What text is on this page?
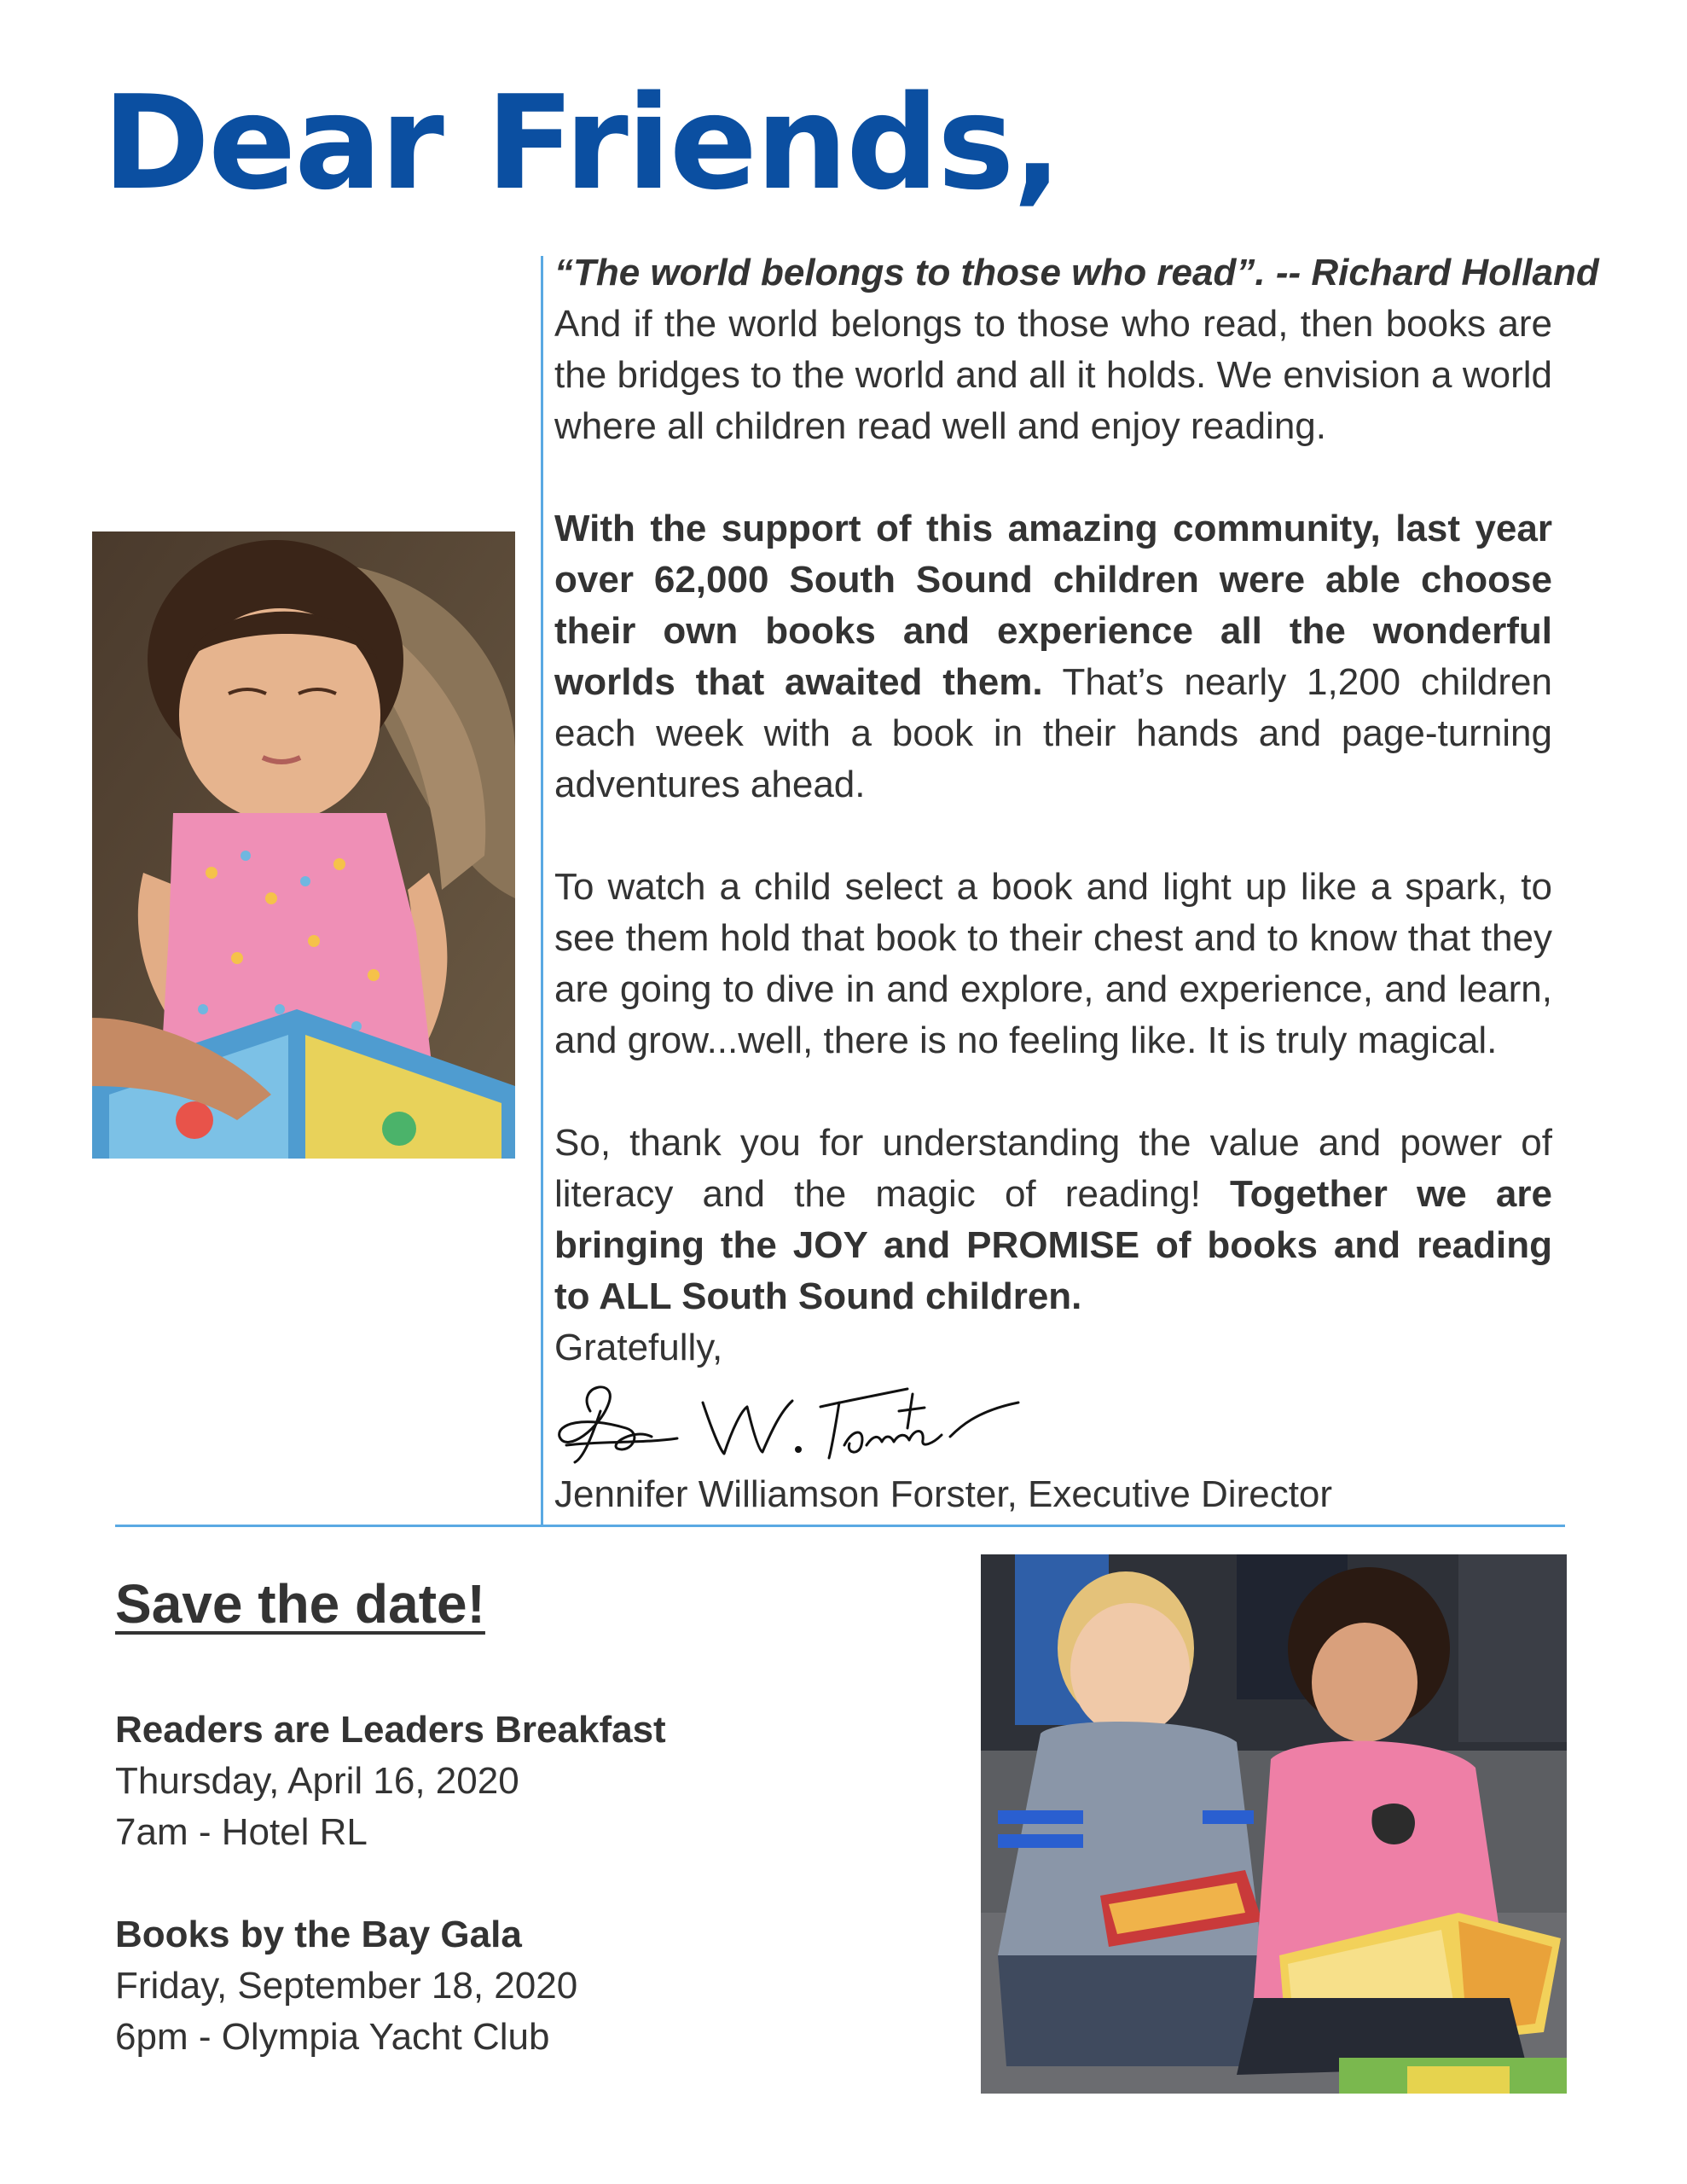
Dear Friends,

“The world belongs to those who read”. -- Richard Holland
And if the world belongs to those who read, then books are the bridges to the world and all it holds. We envision a world where all children read well and enjoy reading.

With the support of this amazing community, last year over 62,000 South Sound children were able choose their own books and experience all the wonderful worlds that awaited them. That’s nearly 1,200 children each week with a book in their hands and page-turning adventures ahead.

To watch a child select a book and light up like a spark, to see them hold that book to their chest and to know that they are going to dive in and explore, and experience, and learn, and grow...well, there is no feeling like. It is truly magical.

So, thank you for understanding the value and power of literacy and the magic of reading! Together we are bringing the JOY and PROMISE of books and reading to ALL South Sound children.

Gratefully,
Jennifer W. Forster
Jennifer Williamson Forster, Executive Director
Save the date!
Readers are Leaders Breakfast
Thursday, April 16, 2020
7am - Hotel RL
Books by the Bay Gala
Friday, September 18, 2020
6pm - Olympia Yacht Club
